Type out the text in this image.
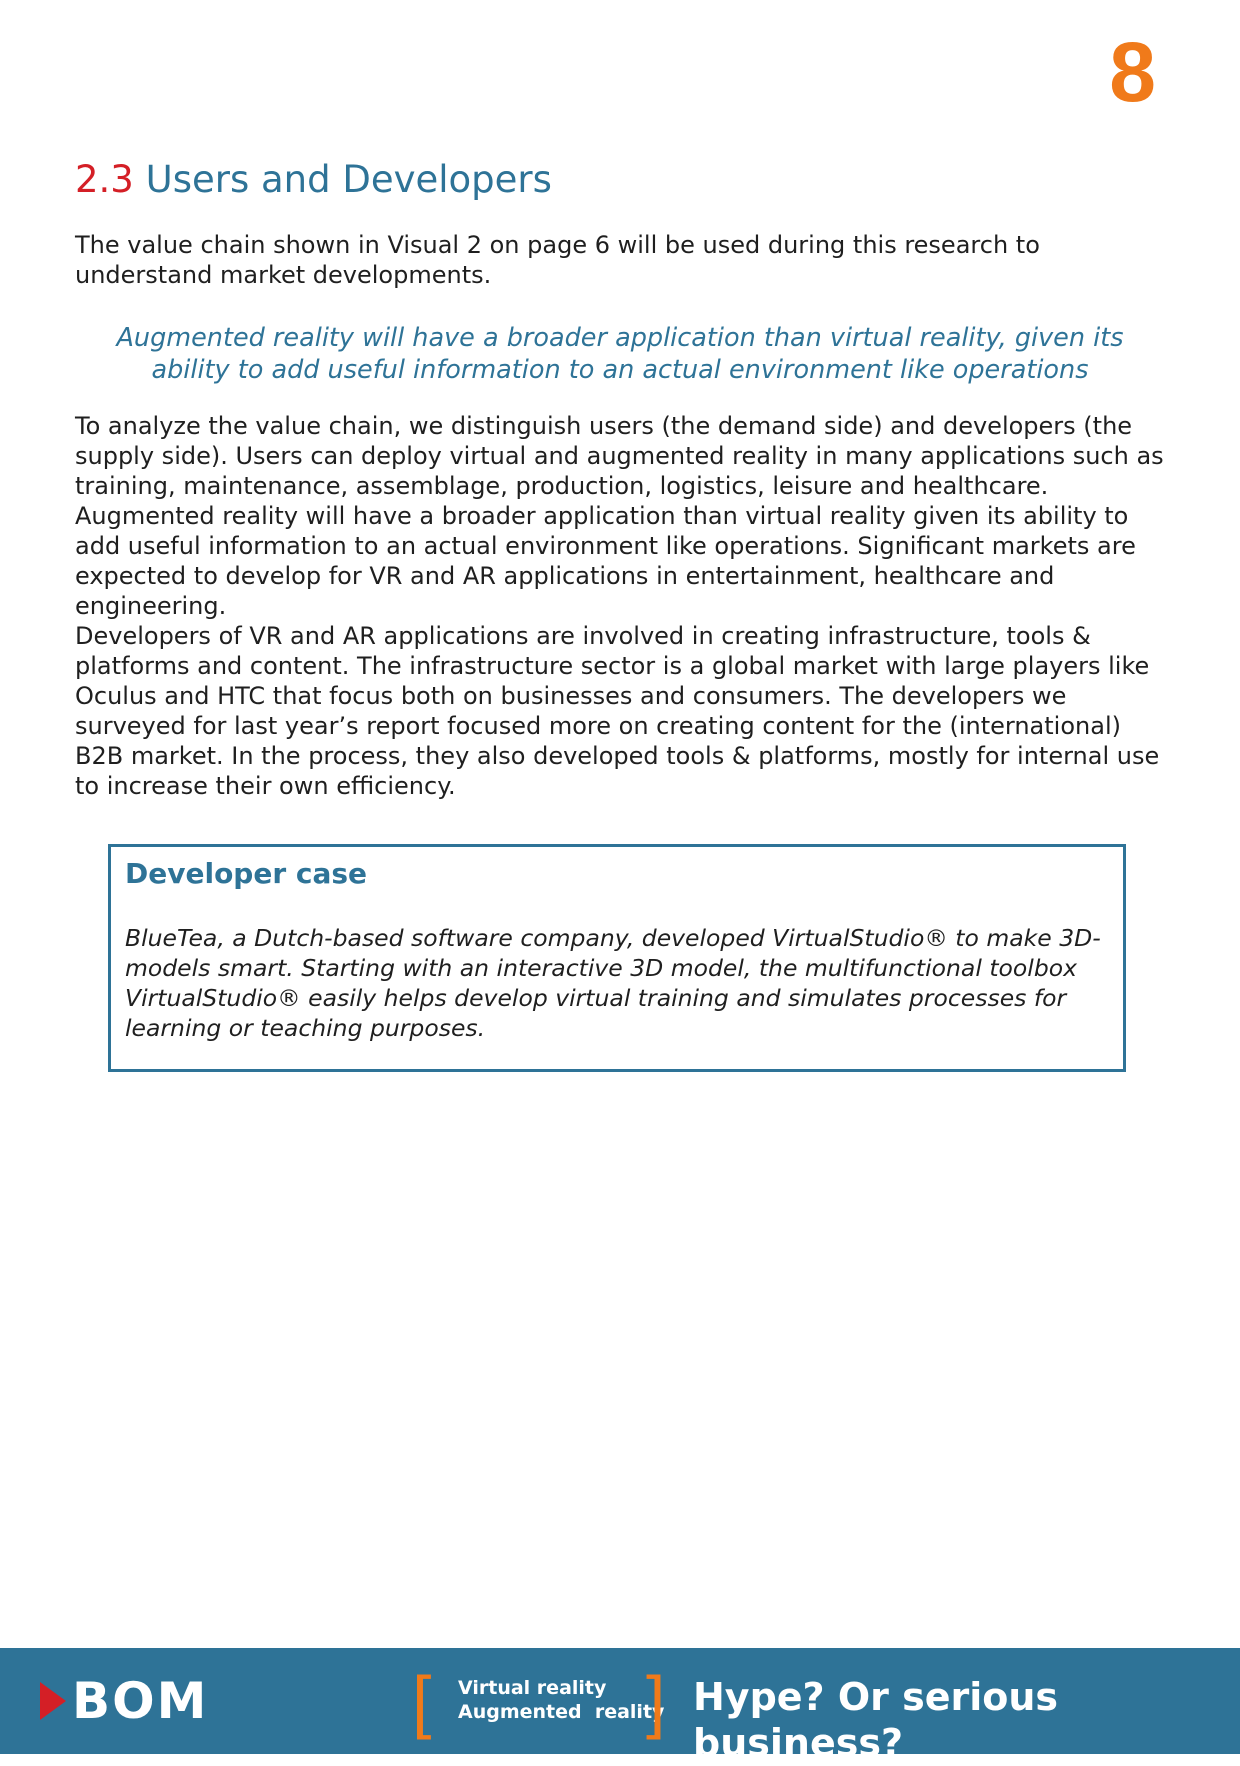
8
2.3 Users and Developers

The value chain shown in Visual 2 on page 6 will be used during this research to understand market developments.

Augmented reality will have a broader application than virtual reality, given its ability to add useful information to an actual environment like operations

To analyze the value chain, we distinguish users (the demand side) and developers (the supply side). Users can deploy virtual and augmented reality in many applications such as training, maintenance, assemblage, production, logistics, leisure and healthcare. Augmented reality will have a broader application than virtual reality given its ability to add useful information to an actual environment like operations. Significant markets are expected to develop for VR and AR applications in entertainment, healthcare and engineering.

Developers of VR and AR applications are involved in creating infrastructure, tools & platforms and content. The infrastructure sector is a global market with large players like Oculus and HTC that focus both on businesses and consumers. The developers we surveyed for last year’s report focused more on creating content for the (international) B2B market. In the process, they also developed tools & platforms, mostly for internal use to increase their own efficiency.

Developer case

BlueTea, a Dutch-based software company, developed VirtualStudio® to make 3D-models smart. Starting with an interactive 3D model, the multifunctional toolbox VirtualStudio® easily helps develop virtual training and simulates processes for learning or teaching purposes.

BOM	[ Virtual reality
Augmented  reality
] Hype? Or serious business?
